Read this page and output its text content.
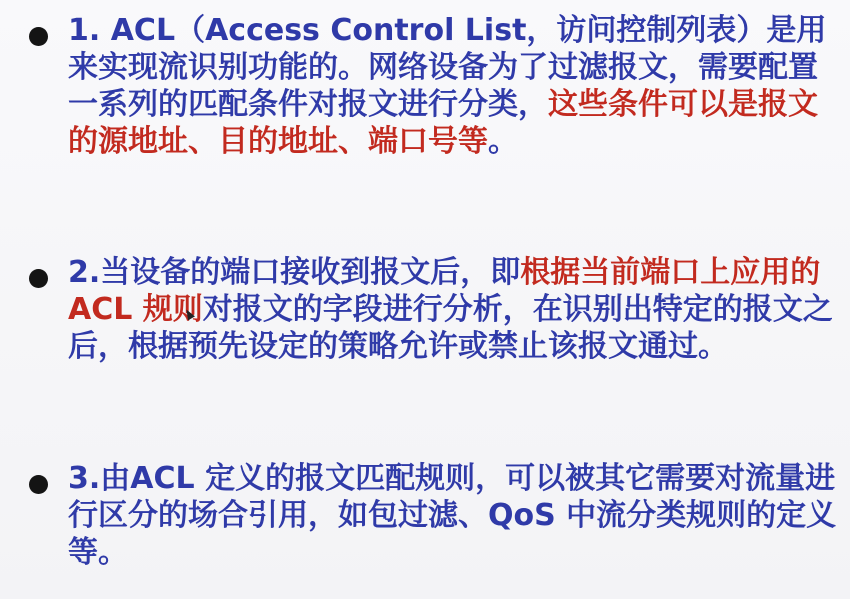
1. ACL（Access Control List，访问控制列表）是用来实现流识别功能的。网络设备为了过滤报文，需要配置一系列的匹配条件对报文进行分类，这些条件可以是报文的源地址、目的地址、端口号等。

2.当设备的端口接收到报文后，即根据当前端口上应用的ACL 规则对报文的字段进行分析，在识别出特定的报文之后，根据预先设定的策略允许或禁止该报文通过。

3.由ACL 定义的报文匹配规则，可以被其它需要对流量进行区分的场合引用，如包过滤、QoS 中流分类规则的定义等。
